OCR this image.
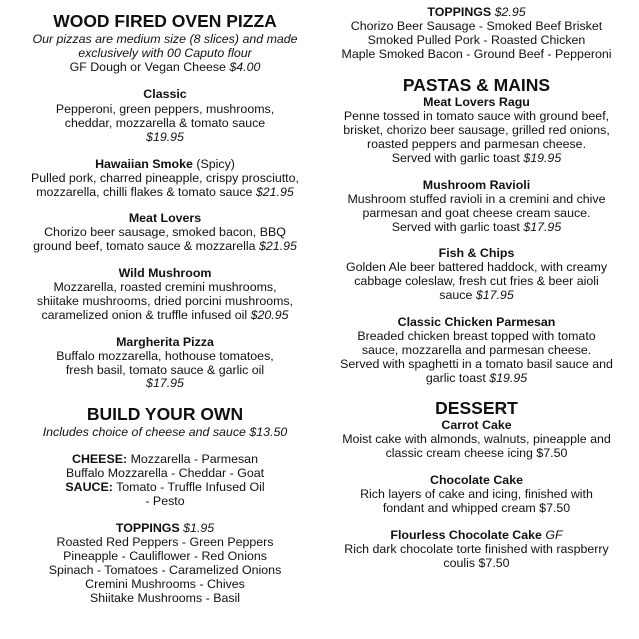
WOOD FIRED OVEN PIZZA
Our pizzas are medium size (8 slices) and made
exclusively with 00 Caputo flour
GF Dough or Vegan Cheese $4.00
Classic
Pepperoni, green peppers, mushrooms,
cheddar, mozzarella & tomato sauce
$19.95
Hawaiian Smoke (Spicy)
Pulled pork, charred pineapple, crispy prosciutto,
mozzarella, chilli flakes & tomato sauce $21.95
Meat Lovers
Chorizo beer sausage, smoked bacon, BBQ
ground beef, tomato sauce & mozzarella $21.95
Wild Mushroom
Mozzarella, roasted cremini mushrooms,
shiitake mushrooms, dried porcini mushrooms,
caramelized onion & truffle infused oil $20.95
Margherita Pizza
Buffalo mozzarella, hothouse tomatoes,
fresh basil, tomato sauce & garlic oil
$17.95
BUILD YOUR OWN
Includes choice of cheese and sauce $13.50
CHEESE: Mozzarella - Parmesan
Buffalo Mozzarella - Cheddar - Goat
SAUCE: Tomato - Truffle Infused Oil
- Pesto
TOPPINGS $1.95
Roasted Red Peppers - Green Peppers
Pineapple - Cauliflower - Red Onions
Spinach - Tomatoes - Caramelized Onions
Cremini Mushrooms - Chives
Shiitake Mushrooms - Basil
TOPPINGS $2.95
Chorizo Beer Sausage - Smoked Beef Brisket
Smoked Pulled Pork - Roasted Chicken
Maple Smoked Bacon - Ground Beef - Pepperoni
PASTAS & MAINS
Meat Lovers Ragu
Penne tossed in tomato sauce with ground beef,
brisket, chorizo beer sausage, grilled red onions,
roasted peppers and parmesan cheese.
Served with garlic toast $19.95
Mushroom Ravioli
Mushroom stuffed ravioli in a cremini and chive
parmesan and goat cheese cream sauce.
Served with garlic toast $17.95
Fish & Chips
Golden Ale beer battered haddock, with creamy
cabbage coleslaw, fresh cut fries & beer aioli
sauce $17.95
Classic Chicken Parmesan
Breaded chicken breast topped with tomato
sauce, mozzarella and parmesan cheese.
Served with spaghetti in a tomato basil sauce and
garlic toast $19.95
DESSERT
Carrot Cake
Moist cake with almonds, walnuts, pineapple and
classic cream cheese icing $7.50
Chocolate Cake
Rich layers of cake and icing, finished with
fondant and whipped cream $7.50
Flourless Chocolate Cake GF
Rich dark chocolate torte finished with raspberry
coulis $7.50
